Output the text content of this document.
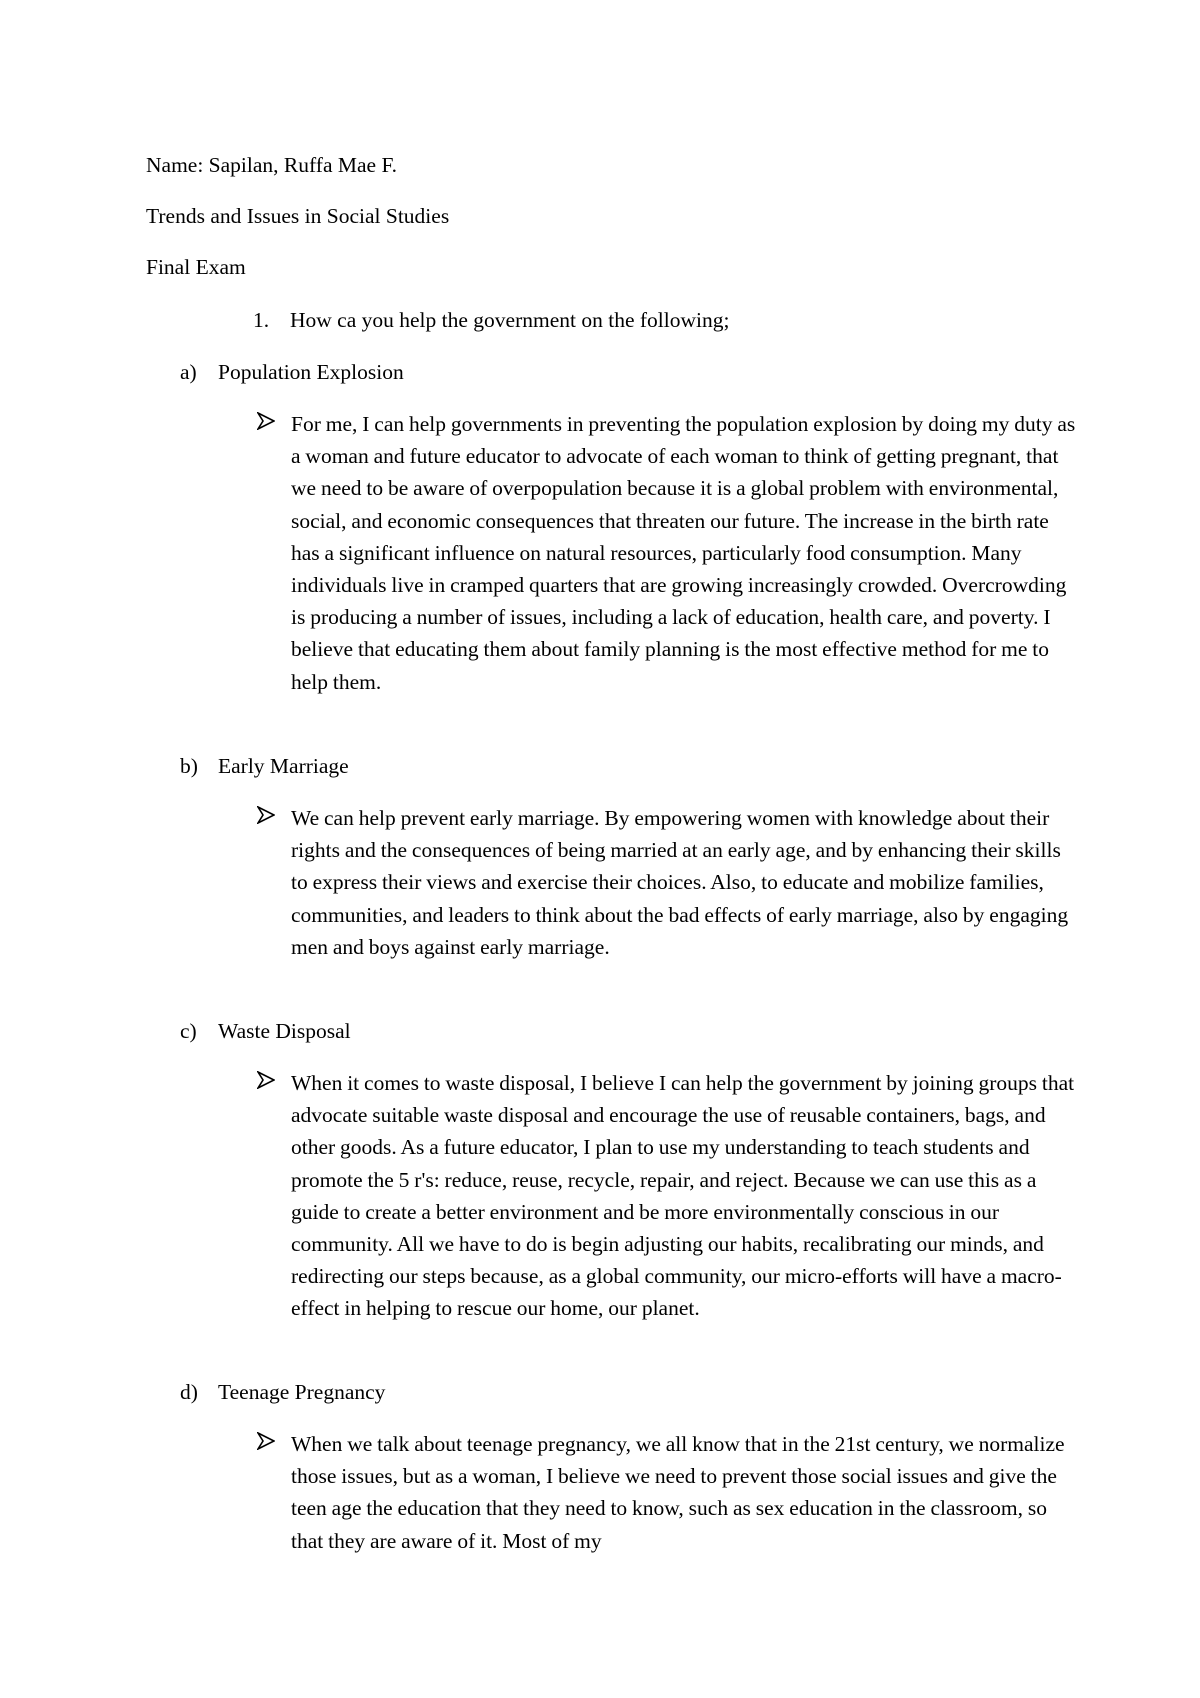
Name: Sapilan, Ruffa Mae F.
Trends and Issues in Social Studies
Final Exam
1. How ca you help the government on the following;
a) Population Explosion
For me, I can help governments in preventing the population explosion by doing my duty as a woman and future educator to advocate of each woman to think of getting pregnant, that we need to be aware of overpopulation because it is a global problem with environmental, social, and economic consequences that threaten our future. The increase in the birth rate has a significant influence on natural resources, particularly food consumption. Many individuals live in cramped quarters that are growing increasingly crowded. Overcrowding is producing a number of issues, including a lack of education, health care, and poverty. I believe that educating them about family planning is the most effective method for me to help them.
b) Early Marriage
We can help prevent early marriage. By empowering women with knowledge about their rights and the consequences of being married at an early age, and by enhancing their skills to express their views and exercise their choices. Also, to educate and mobilize families, communities, and leaders to think about the bad effects of early marriage, also by engaging men and boys against early marriage.
c) Waste Disposal
When it comes to waste disposal, I believe I can help the government by joining groups that advocate suitable waste disposal and encourage the use of reusable containers, bags, and other goods. As a future educator, I plan to use my understanding to teach students and promote the 5 r's: reduce, reuse, recycle, repair, and reject. Because we can use this as a guide to create a better environment and be more environmentally conscious in our community. All we have to do is begin adjusting our habits, recalibrating our minds, and redirecting our steps because, as a global community, our micro-efforts will have a macro-effect in helping to rescue our home, our planet.
d) Teenage Pregnancy
When we talk about teenage pregnancy, we all know that in the 21st century, we normalize those issues, but as a woman, I believe we need to prevent those social issues and give the teen age the education that they need to know, such as sex education in the classroom, so that they are aware of it. Most of my
